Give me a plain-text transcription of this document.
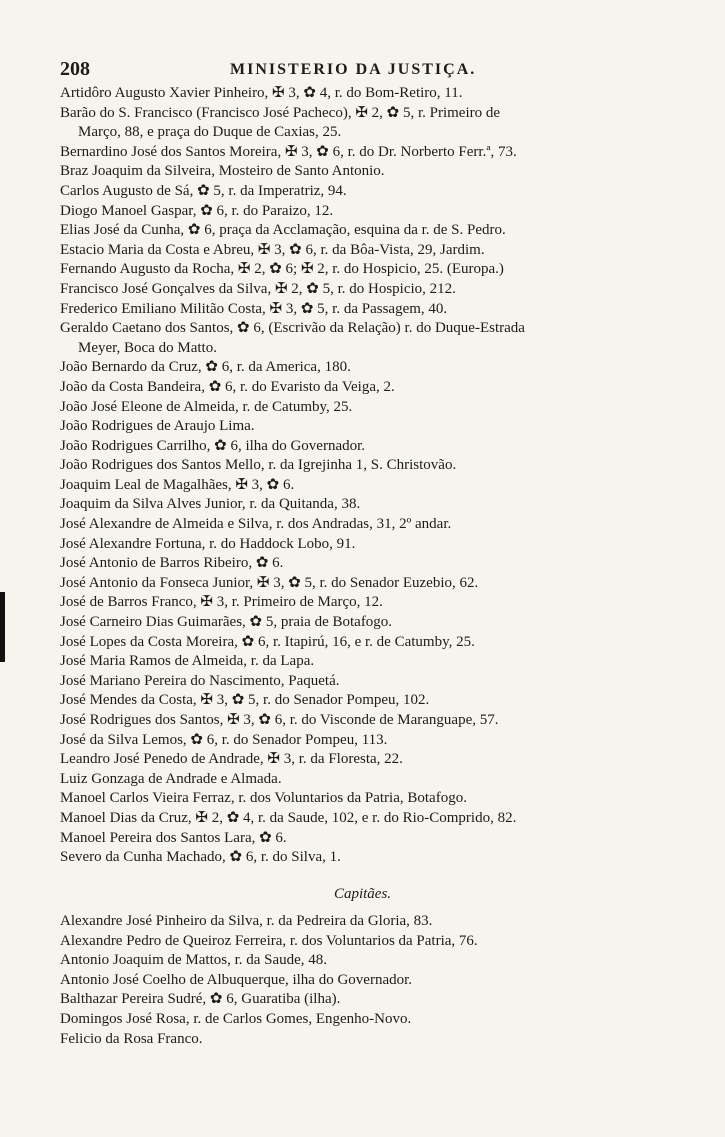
208	MINISTERIO DA JUSTIÇA.
Artidôro Augusto Xavier Pinheiro, ✠ 3, ✿ 4, r. do Bom-Retiro, 11.
Barão do S. Francisco (Francisco José Pacheco), ✠ 2, ✿ 5, r. Primeiro de
Março, 88, e praça do Duque de Caxias, 25.
Bernardino José dos Santos Moreira, ✠ 3, ✿ 6, r. do Dr. Norberto Ferr.ª, 73.
Braz Joaquim da Silveira, Mosteiro de Santo Antonio.
Carlos Augusto de Sá, ✿ 5, r. da Imperatriz, 94.
Diogo Manoel Gaspar, ✿ 6, r. do Paraizo, 12.
Elias José da Cunha, ✿ 6, praça da Acclamação, esquina da r. de S. Pedro.
Estacio Maria da Costa e Abreu, ✠ 3, ✿ 6, r. da Bôa-Vista, 29, Jardim.
Fernando Augusto da Rocha, ✠ 2, ✿ 6; ✠ 2, r. do Hospicio, 25. (Europa.)
Francisco José Gonçalves da Silva, ✠ 2, ✿ 5, r. do Hospicio, 212.
Frederico Emiliano Militão Costa, ✠ 3, ✿ 5, r. da Passagem, 40.
Geraldo Caetano dos Santos, ✿ 6, (Escrivão da Relação) r. do Duque-Estrada
Meyer, Boca do Matto.
João Bernardo da Cruz, ✿ 6, r. da America, 180.
João da Costa Bandeira, ✿ 6, r. do Evaristo da Veiga, 2.
João José Eleone de Almeida, r. de Catumby, 25.
João Rodrigues de Araujo Lima.
João Rodrigues Carrilho, ✿ 6, ilha do Governador.
João Rodrigues dos Santos Mello, r. da Igrejinha 1, S. Christovão.
Joaquim Leal de Magalhães, ✠ 3, ✿ 6.
Joaquim da Silva Alves Junior, r. da Quitanda, 38.
José Alexandre de Almeida e Silva, r. dos Andradas, 31, 2º andar.
José Alexandre Fortuna, r. do Haddock Lobo, 91.
José Antonio de Barros Ribeiro, ✿ 6.
José Antonio da Fonseca Junior, ✠ 3, ✿ 5, r. do Senador Euzebio, 62.
José de Barros Franco, ✠ 3, r. Primeiro de Março, 12.
José Carneiro Dias Guimarães, ✿ 5, praia de Botafogo.
José Lopes da Costa Moreira, ✿ 6, r. Itapirú, 16, e r. de Catumby, 25.
José Maria Ramos de Almeida, r. da Lapa.
José Mariano Pereira do Nascimento, Paquetá.
José Mendes da Costa, ✠ 3, ✿ 5, r. do Senador Pompeu, 102.
José Rodrigues dos Santos, ✠ 3, ✿ 6, r. do Visconde de Maranguape, 57.
José da Silva Lemos, ✿ 6, r. do Senador Pompeu, 113.
Leandro José Penedo de Andrade, ✠ 3, r. da Floresta, 22.
Luiz Gonzaga de Andrade e Almada.
Manoel Carlos Vieira Ferraz, r. dos Voluntarios da Patria, Botafogo.
Manoel Dias da Cruz, ✠ 2, ✿ 4, r. da Saude, 102, e r. do Rio-Comprido, 82.
Manoel Pereira dos Santos Lara, ✿ 6.
Severo da Cunha Machado, ✿ 6, r. do Silva, 1.
Capitães.
Alexandre José Pinheiro da Silva, r. da Pedreira da Gloria, 83.
Alexandre Pedro de Queiroz Ferreira, r. dos Voluntarios da Patria, 76.
Antonio Joaquim de Mattos, r. da Saude, 48.
Antonio José Coelho de Albuquerque, ilha do Governador.
Balthazar Pereira Sudré, ✿ 6, Guaratiba (ilha).
Domingos José Rosa, r. de Carlos Gomes, Engenho-Novo.
Felicio da Rosa Franco.
